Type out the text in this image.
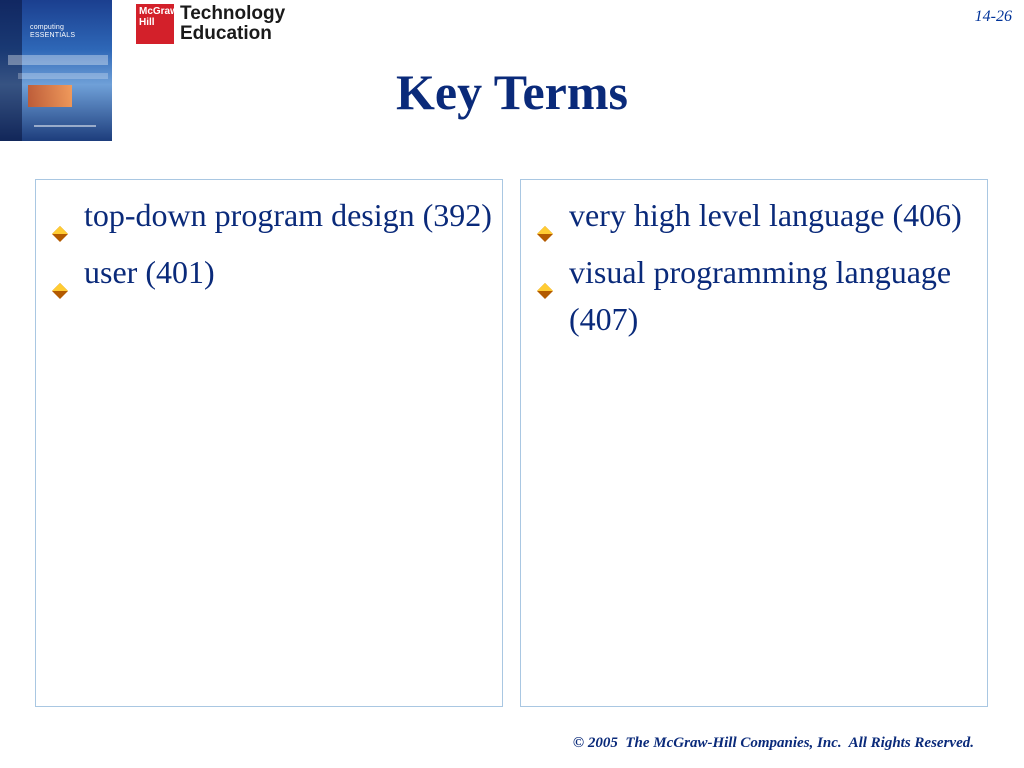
computing ESSENTIALS
McGraw Hill	Technology Education
14-26
Key Terms
top-down program design (392)
user (401)
very high level language (406)
visual programming language (407)
© 2005  The McGraw-Hill Companies, Inc.  All Rights Reserved.
